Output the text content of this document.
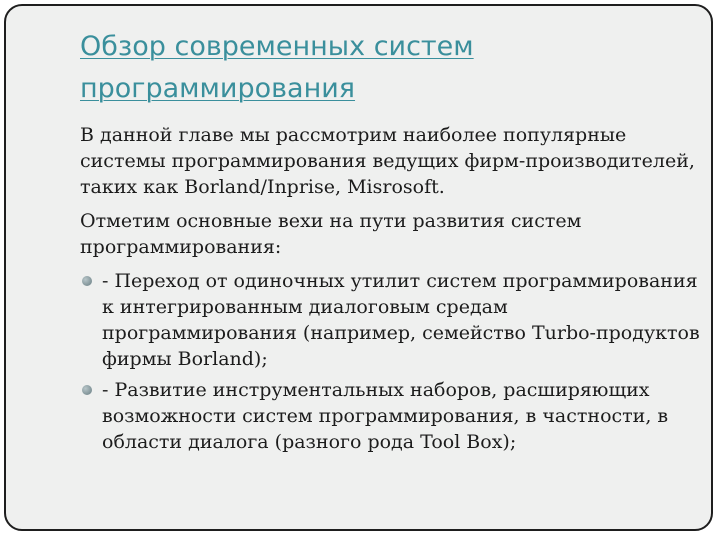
Обзор современных систем программирования

В данной главе мы рассмотрим наиболее популярные системы программирования ведущих фирм-производителей, таких как Borland/Inprise, Misrosoft.

Отметим основные вехи на пути развития систем программирования:

- Переход от одиночных утилит систем программирования к интегрированным диалоговым средам программирования (например, семейство Turbo-продуктов фирмы Borland);
- Развитие инструментальных наборов, расширяющих возможности систем программирования, в частности, в области диалога (разного рода Tool Box);
